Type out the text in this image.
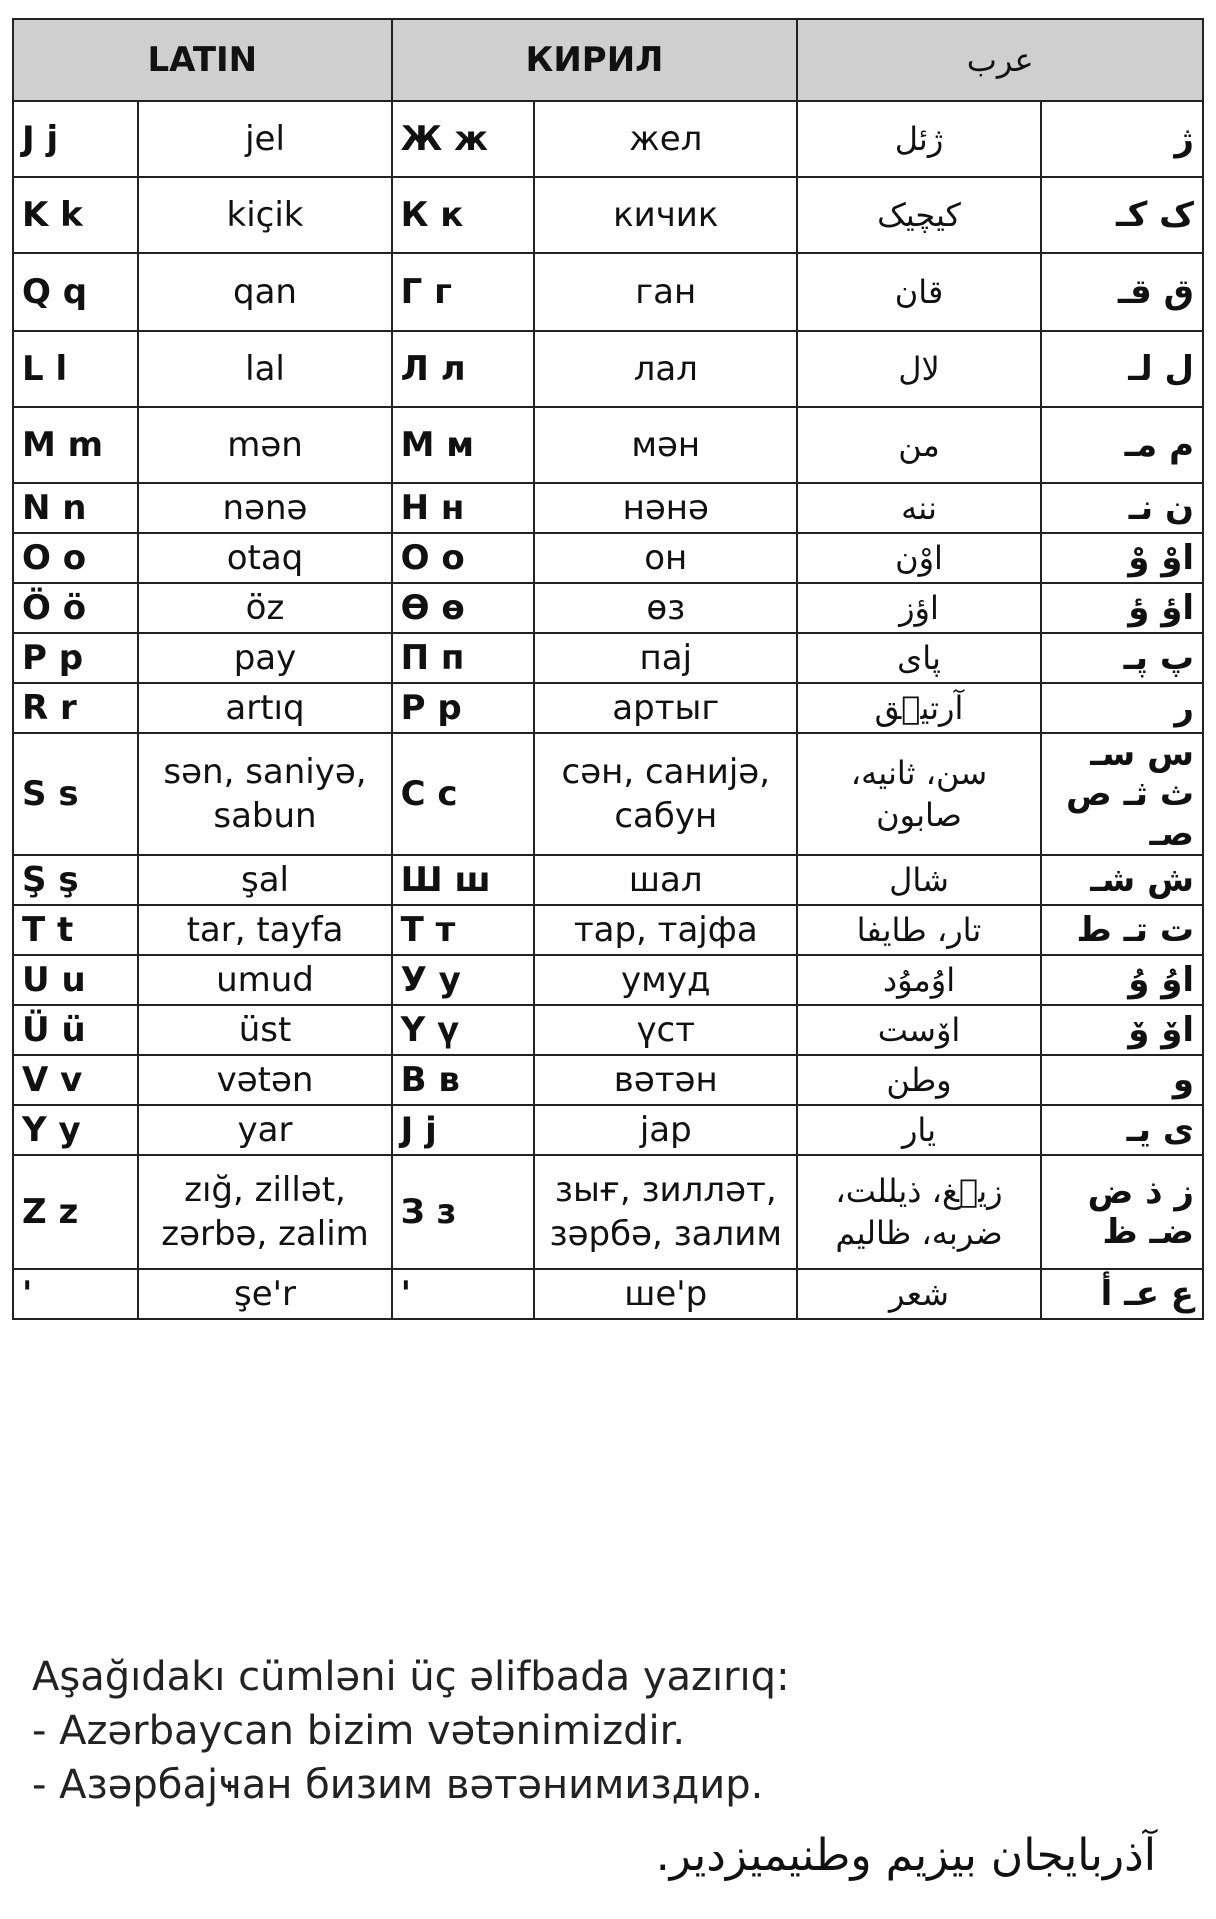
LATIN		КИРИЛ		عرب	
J j	jel	Ж ж	жел	ژئل	ژ
K k	kiçik	К к	кичик	کیچیک	ک کـ
Q q	qan	Г г	ган	قان	ق قـ
L l	lal	Л л	лал	لال	ل لـ
M m	mən	М м	мән	من	م مـ
N n	nənə	Н н	нәнә	ننه	ن نـ
O o	otaq	О о	он	اوْن	اوْ وْ
Ö ö	öz	Ө ө	өз	اؤز	اؤ ؤ
P p	pay	П п	пај	پای	پ پـ
R r	artıq	Р р	артыг	آرتیٛق	ر
S s	sən, saniyə, sabun	С с	сән, санијә, сабун	سن، ثانیه، صابون	س سـ ث ثـ ص صـ
Ş ş	şal	Ш ш	шал	شال	ش شـ
T t	tar, tayfa	Т т	тар, тајфа	تار، طایفا	ت تـ ط
U u	umud	У у	умуд	اوُموُد	اوُ وُ
Ü ü	üst	Ү ү	үст	اوٚست	اوٚ وٚ
V v	vətən	В в	вәтән	وطن	و
Y y	yar	Ј ј	јар	یار	ی یـ
Z z	zığ, zillət, zərbə, zalim	З з	зығ, зиллəт, зәрбә, залим	زیٛغ، ذیللت، ضربه، ظالیم	ز ذ ض ضـ ظ
'	şe'r	'	ше'р	شعر	ع عـ أ
Aşağıdakı cümləni üç əlifbada yazırıq:
- Azərbaycan bizim vətənimizdir.
- Азәрбајҹан бизим вәтәнимиздир.
آذربایجان بیزیم وطنیمیزدیر.
